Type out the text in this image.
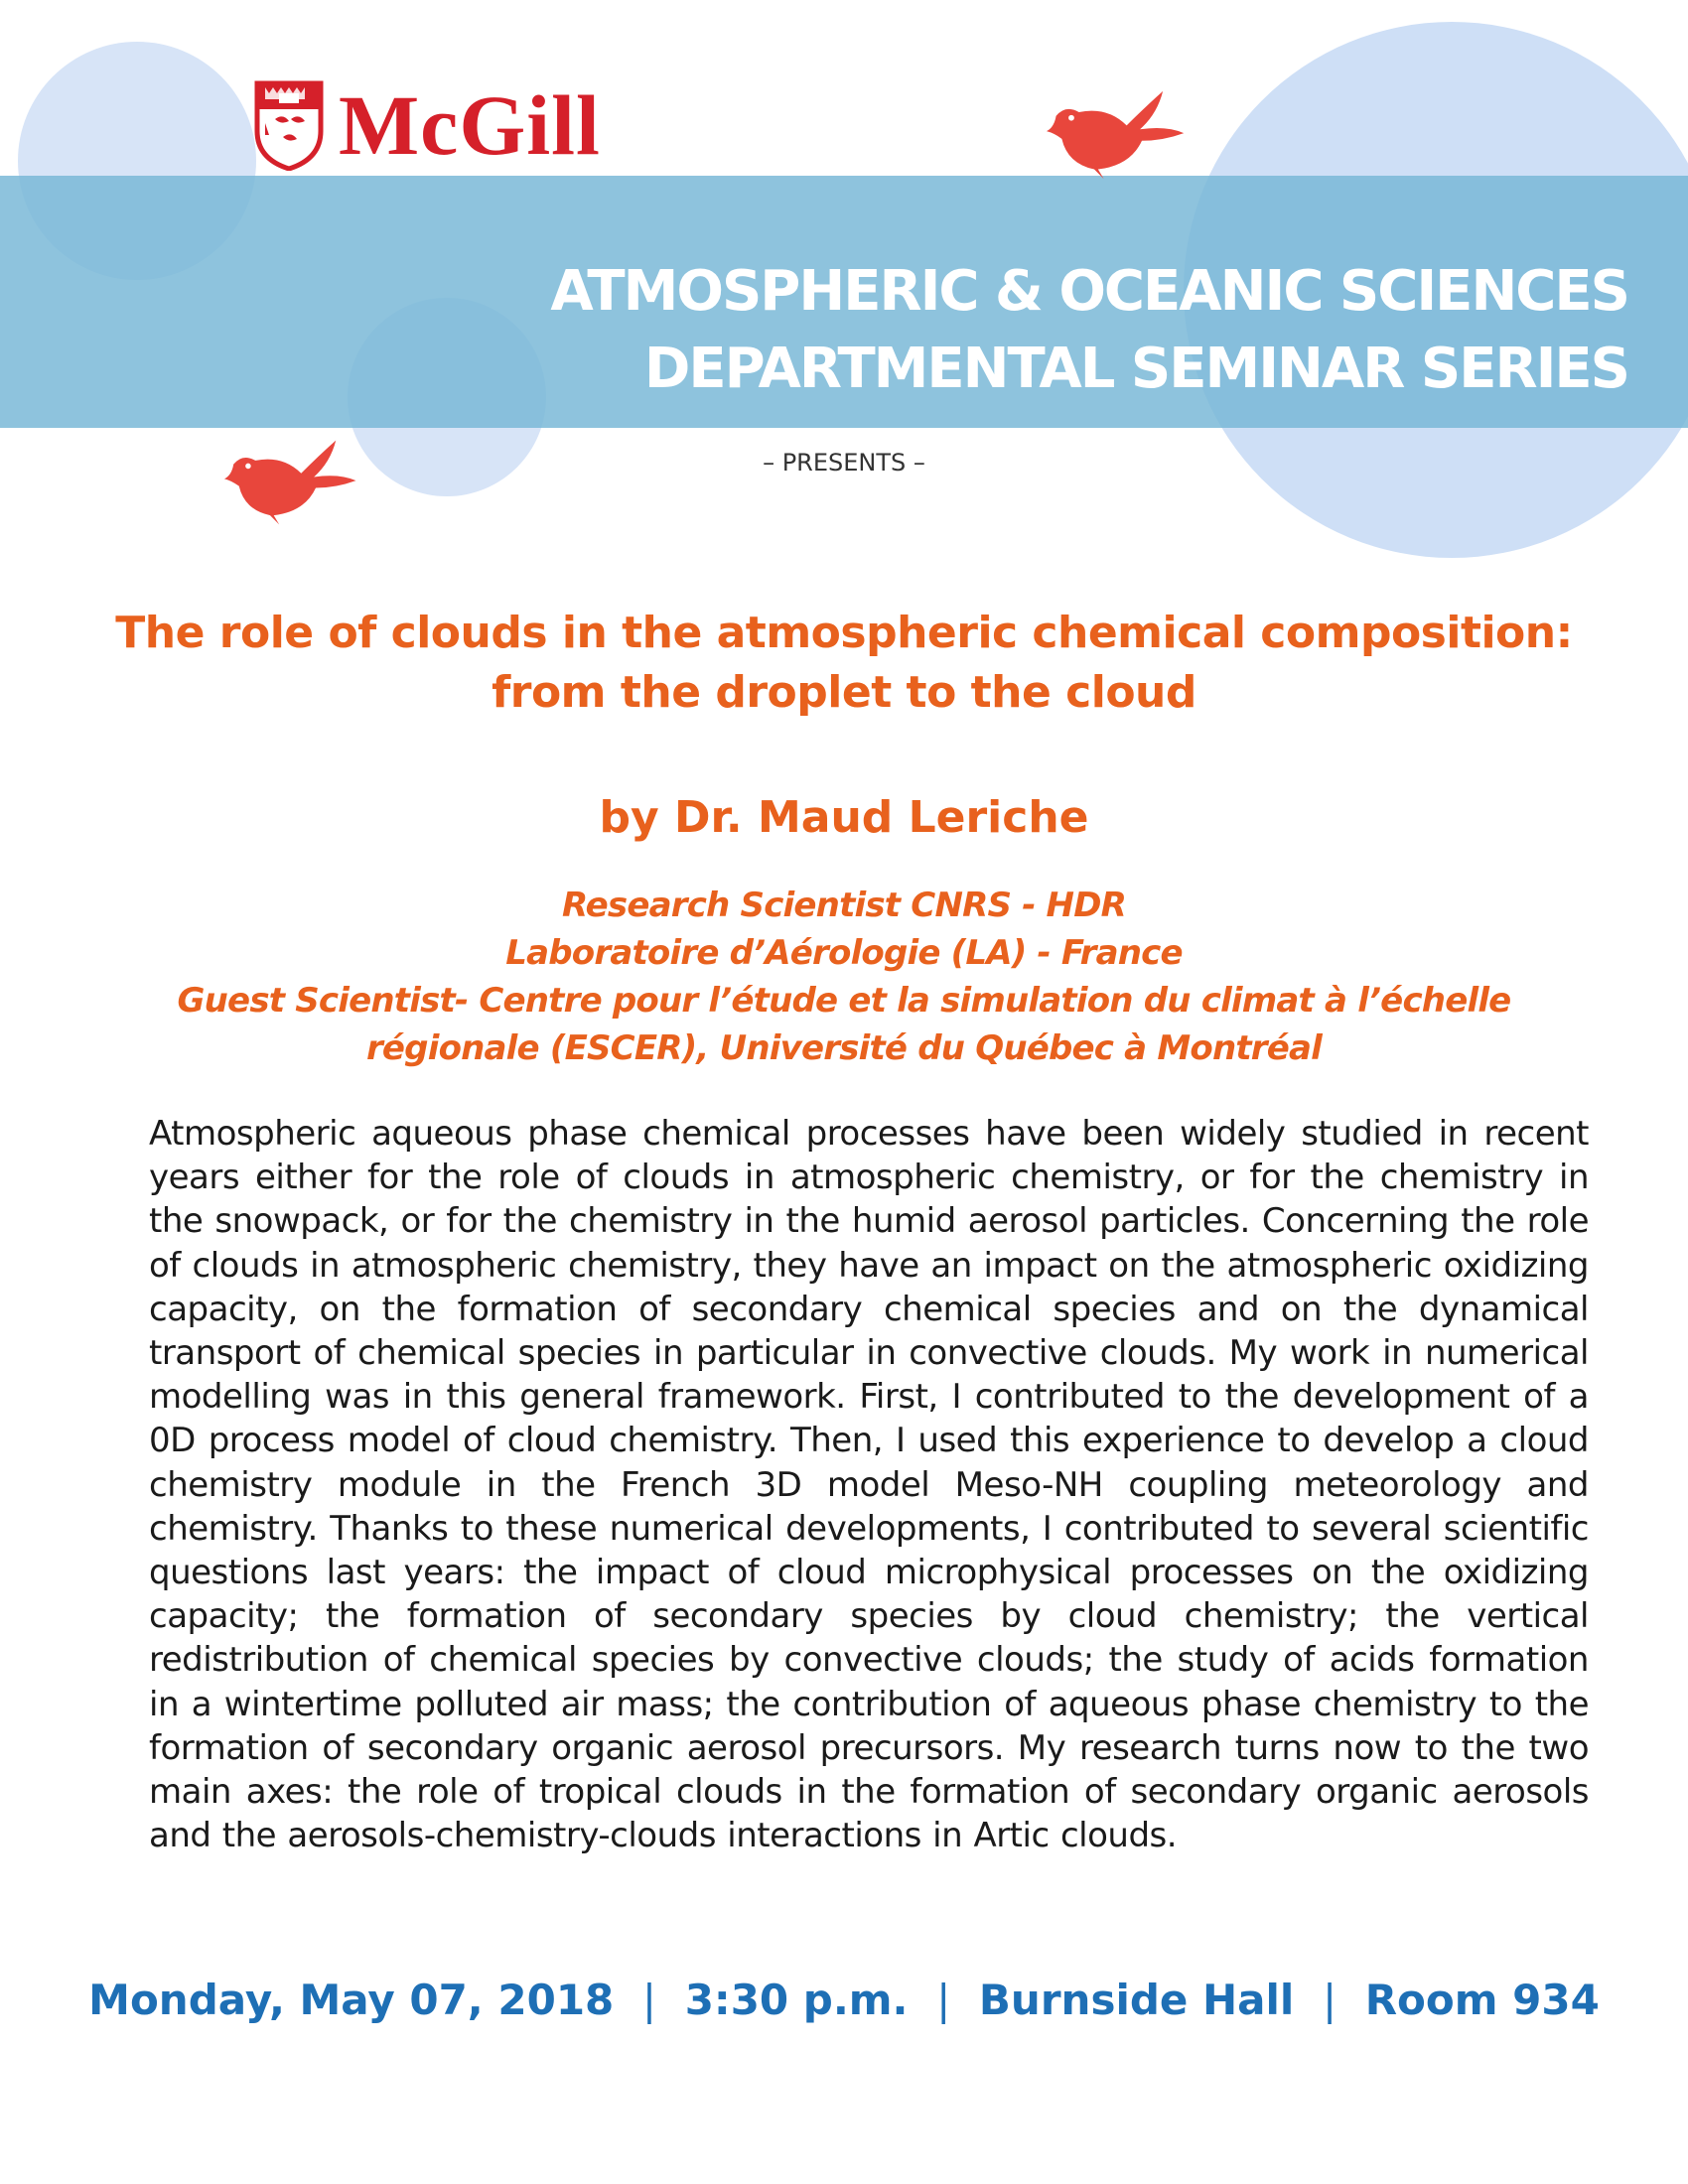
McGill
ATMOSPHERIC & OCEANIC SCIENCES
DEPARTMENTAL SEMINAR SERIES
– PRESENTS –
The role of clouds in the atmospheric chemical composition:
from the droplet to the cloud
by Dr. Maud Leriche
Research Scientist CNRS - HDR
Laboratoire d’Aérologie (LA) - France
Guest Scientist- Centre pour l’étude et la simulation du climat à l’échelle
régionale (ESCER), Université du Québec à Montréal

Atmospheric aqueous phase chemical processes have been widely studied in recent years either for the role of clouds in atmospheric chemistry, or for the chemistry in the snowpack, or for the chemistry in the humid aerosol particles. Concerning the role of clouds in atmospheric chemistry, they have an impact on the atmospheric oxidizing capacity, on the formation of secondary chemical species and on the dynamical transport of chemical species in particular in convective clouds. My work in numerical modelling was in this general framework. First, I contributed to the development of a 0D process model of cloud chemistry. Then, I used this experience to develop a cloud chemistry module in the French 3D model Meso-NH coupling meteorology and chemistry. Thanks to these numerical developments, I contributed to several scientific questions last years: the impact of cloud microphysical processes on the oxidizing capacity; the formation of secondary species by cloud chemistry; the vertical redistribution of chemical species by convective clouds; the study of acids formation in a wintertime polluted air mass; the contribution of aqueous phase chemistry to the formation of secondary organic aerosol precursors. My research turns now to the two main axes: the role of tropical clouds in the formation of secondary organic aerosols and the aerosols-chemistry-clouds interactions in Artic clouds.

Monday, May 07, 2018 | 3:30 p.m. | Burnside Hall | Room 934
